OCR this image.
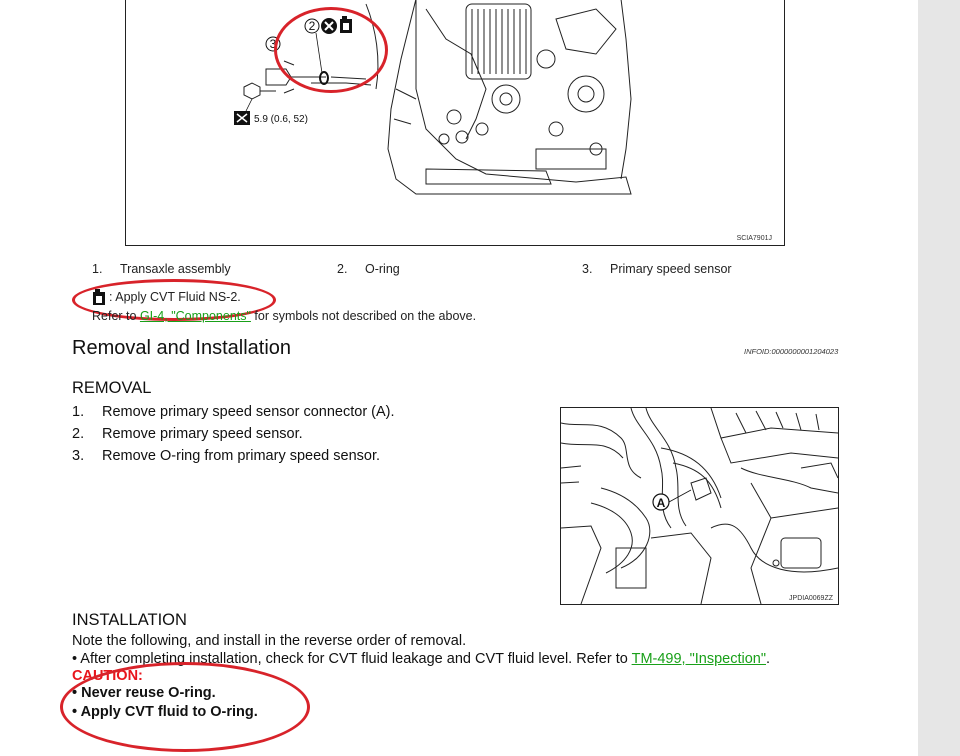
3
2
5.9 (0.6, 52)
SCIA7901J
1. Transaxle assembly	2. O-ring	3. Primary speed sensor
: Apply CVT Fluid NS-2.
Refer to GI-4, "Components" for symbols not described on the above.
Removal and Installation	INFOID:0000000001204023
REMOVAL
1. Remove primary speed sensor connector (A).
2. Remove primary speed sensor.
3. Remove O-ring from primary speed sensor.
A
JPDIA0069ZZ
INSTALLATION
Note the following, and install in the reverse order of removal.
• After completing installation, check for CVT fluid leakage and CVT fluid level. Refer to TM-499, "Inspection".
CAUTION:
• Never reuse O-ring.
• Apply CVT fluid to O-ring.
